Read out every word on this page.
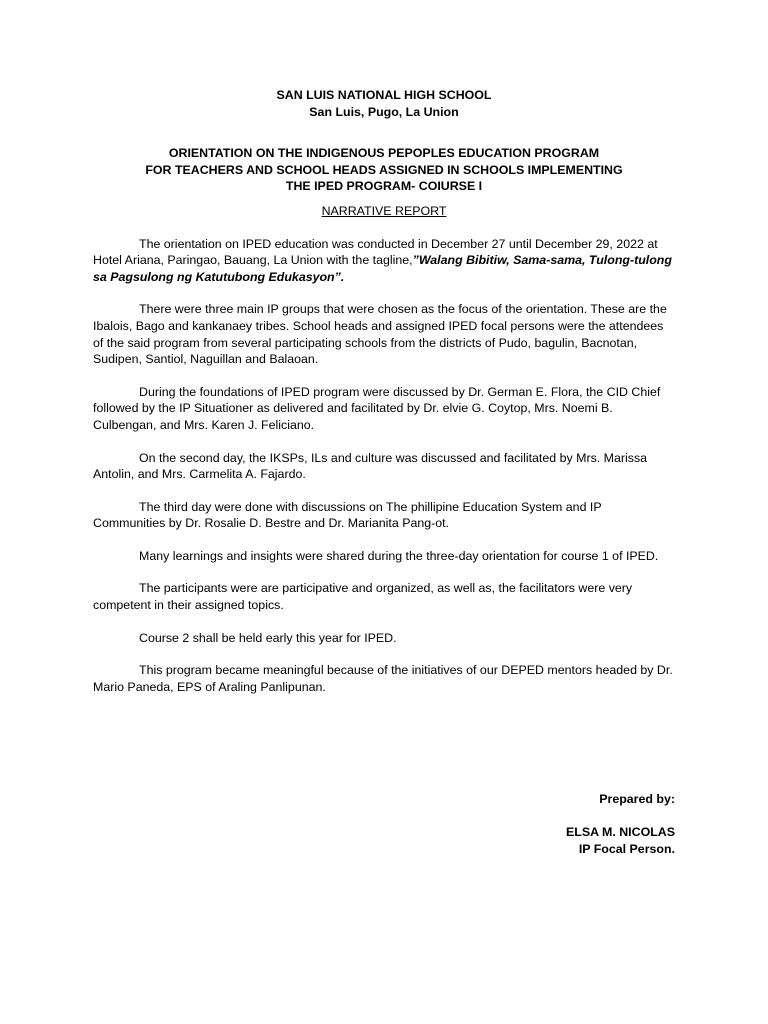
SAN LUIS NATIONAL HIGH SCHOOL
San Luis, Pugo, La Union
ORIENTATION ON THE INDIGENOUS PEPOPLES EDUCATION PROGRAM
FOR TEACHERS AND SCHOOL HEADS ASSIGNED IN SCHOOLS IMPLEMENTING
THE IPED PROGRAM- COIURSE I
NARRATIVE REPORT

The orientation on IPED education was conducted in December 27 until December 29, 2022 at Hotel Ariana, Paringao, Bauang, La Union with the tagline,”Walang Bibitiw, Sama-sama, Tulong-tulong sa Pagsulong ng Katutubong Edukasyon”.

There were three main IP groups that were chosen as the focus of the orientation. These are the Ibalois, Bago and kankanaey tribes. School heads and assigned IPED focal persons were the attendees of the said program from several participating schools from the districts of Pudo, bagulin, Bacnotan, Sudipen, Santiol, Naguillan and Balaoan.

During the foundations of IPED program were discussed by Dr. German E. Flora, the CID Chief followed by the IP Situationer as delivered and facilitated by Dr. elvie G. Coytop, Mrs. Noemi B. Culbengan, and Mrs. Karen J. Feliciano.

On the second day, the IKSPs, ILs and culture was discussed and facilitated by Mrs. Marissa Antolin, and Mrs. Carmelita A. Fajardo.

The third day were done with discussions on The phillipine Education System and IP Communities by Dr. Rosalie D. Bestre and Dr. Marianita Pang-ot.

Many learnings and insights were shared during the three-day orientation for course 1 of IPED.

The participants were are participative and organized, as well as, the facilitators were very competent in their assigned topics.

Course 2 shall be held early this year for IPED.

This program became meaningful because of the initiatives of our DEPED mentors headed by Dr. Mario Paneda, EPS of Araling Panlipunan.

Prepared by:
ELSA M. NICOLAS
IP Focal Person.
